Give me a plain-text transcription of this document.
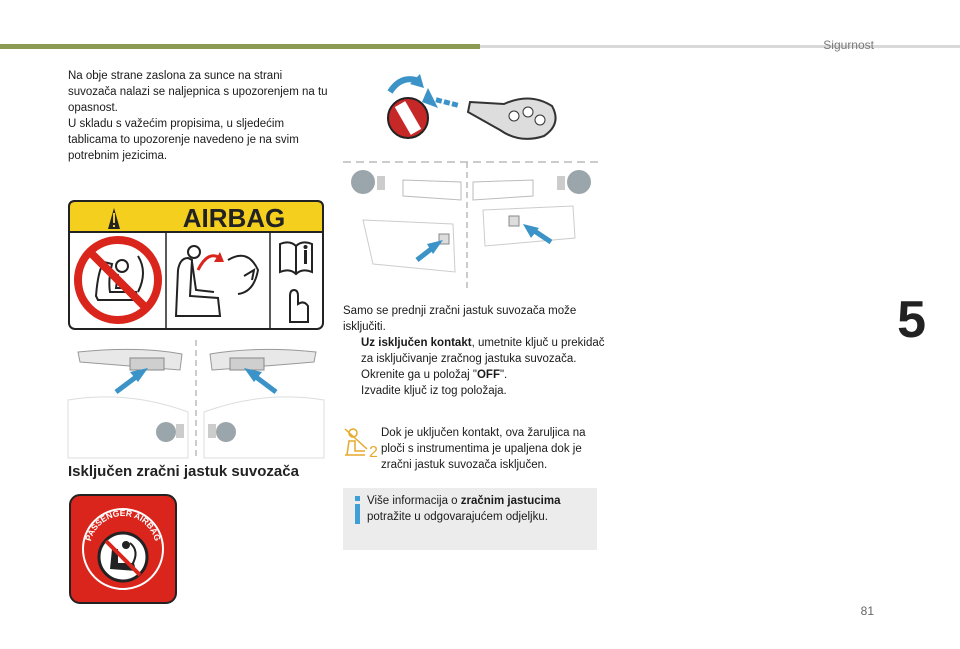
Sigurnost
5
81

Na obje strane zaslona za sunce na strani suvozača nalazi se naljepnica s upozorenjem na tu opasnost.

U skladu s važećim propisima, u sljedećim tablicama to upozorenje navedeno je na svim potrebnim jezicima.

AIRBAG
Isključen zračni jastuk suvozača
PASSENGER AIRBAG

Samo se prednji zračni jastuk suvozača može isključiti.

Uz isključen kontakt, umetnite ključ u prekidač za isključivanje zračnog jastuka suvozača.

Okrenite ga u položaj "OFF".

Izvadite ključ iz tog položaja.

2
Dok je uključen kontakt, ova žaruljica na ploči s instrumentima je upaljena dok je zračni jastuk suvozača isključen.
Više informacija o zračnim jastucima potražite u odgovarajućem odjeljku.
